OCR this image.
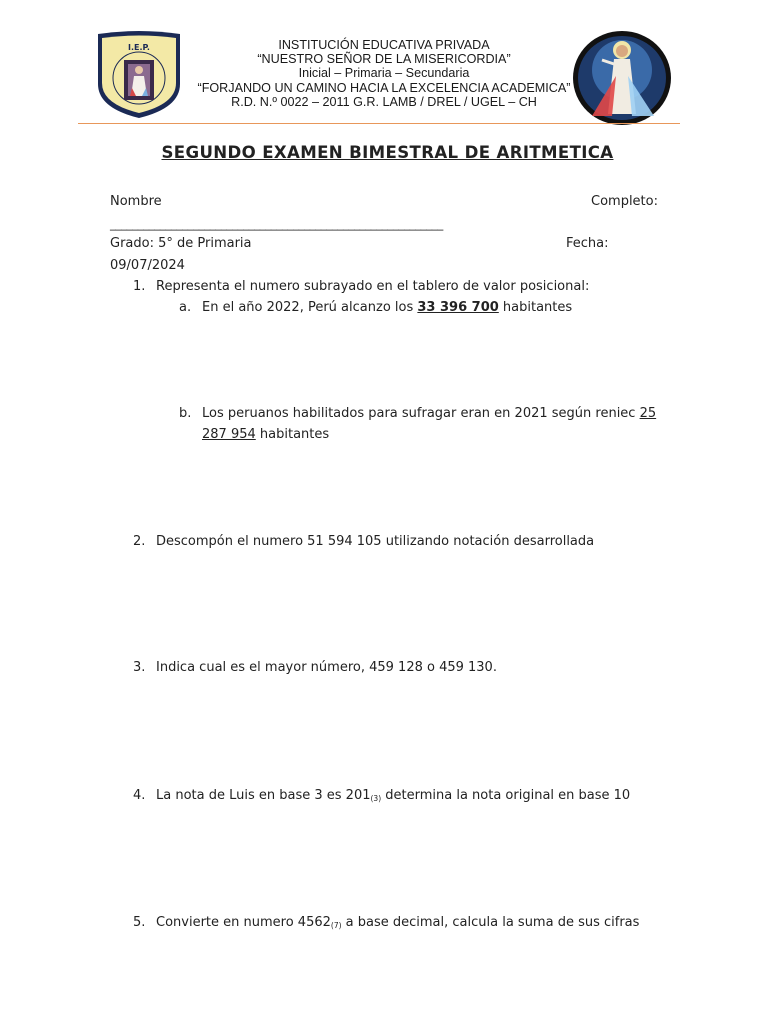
I.E.P.	INSTITUCIÓN EDUCATIVA PRIVADA
“NUESTRO SEÑOR DE LA MISERICORDIA”
Inicial – Primaria – Secundaria
“FORJANDO UN CAMINO HACIA LA EXCELENCIA ACADEMICA”
R.D. N.º 0022 – 2011 G.R. LAMB / DREL / UGEL – CH
SEGUNDO EXAMEN BIMESTRAL DE ARITMETICA
Nombre	Completo:
____________________________________________________________
Grado: 5° de Primaria	Fecha:
09/07/2024
1. Representa el numero subrayado en el tablero de valor posicional:
a. En el año 2022, Perú alcanzo los 33 396 700 habitantes
b. Los peruanos habilitados para sufragar eran en 2021 según reniec 25
287 954 habitantes
2. Descompón el numero 51 594 105 utilizando notación desarrollada
3. Indica cual es el mayor número, 459 128 o 459 130.
4. La nota de Luis en base 3 es $201_{(3)}$ determina la nota original en base 10
5. Convierte en numero $4562_{(7)}$ a base decimal, calcula la suma de sus cifras
